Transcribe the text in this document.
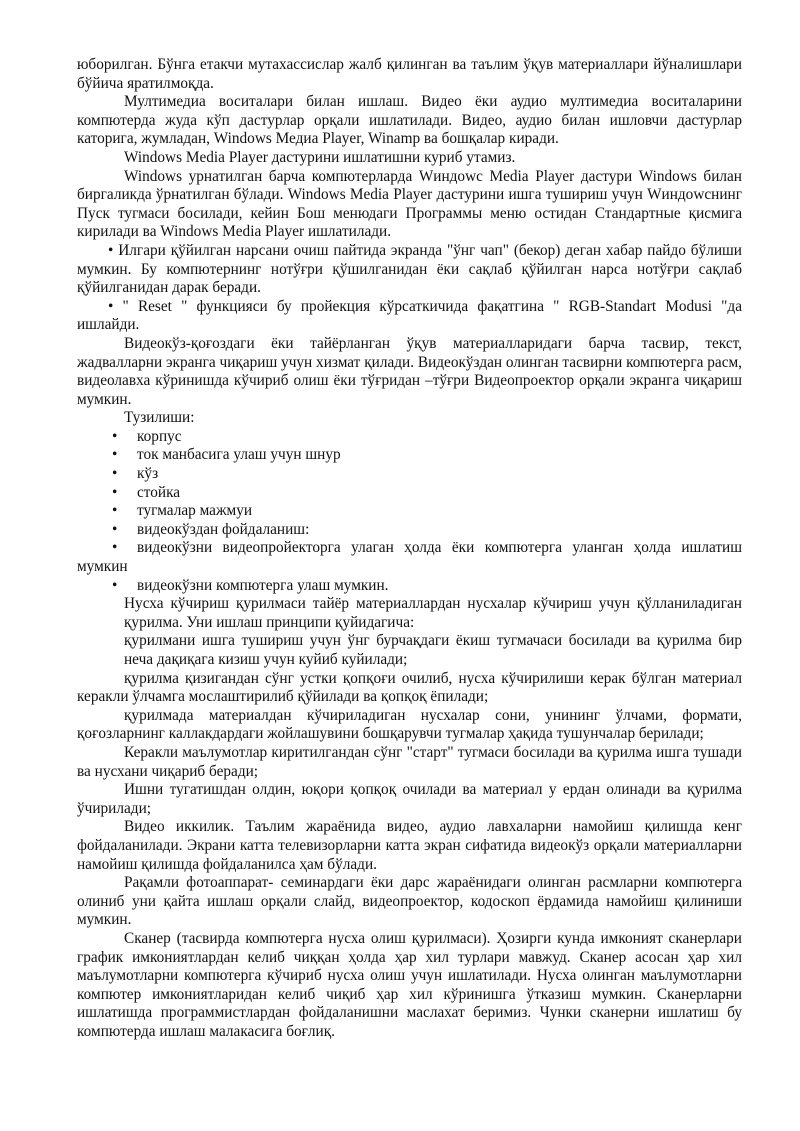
юборилган. Бўнга етакчи мутахассислар жалб қилинган ва таълим ўқув материаллари йўналишлари бўйича яратилмоқда.

Мултимедиа воситалари билан ишлаш. Видео ёки аудио мултимедиа воситаларини компютерда жуда кўп дастурлар орқали ишлатилади. Видео, аудио билан ишловчи дастурлар каторига, жумладан, Windows Медиа Player, Winamp ва бошқалар киради.

Windows Media Player дастурини ишлатишни куриб утамиз.

Windows урнатилган барча компютерларда Wиндоwс Media Player дастури Windows билан биргаликда ўрнатилган бўлади. Windows Media Player дастурини ишга тушириш учун Wиндоwснинг Пуск тугмаси босилади, кейин Бош менюдаги Программы меню остидан Стандартные қисмига кирилади ва Windows Media Player ишлатилади.

• Илгари қўйилган нарсани очиш пайтида экранда "ўнг чап" (бекор) деган хабар пайдо бўлиши мумкин. Бу компютернинг нотўғри қўшилганидан ёки сақлаб қўйилган нарса нотўғри сақлаб қўйилганидан дарак беради.

• " Reset " функцияси бу пройекция кўрсаткичида фақатгина " RGB-Standart Modusi "да ишлайди.

Видеокўз-қоғоздаги ёки тайёрланган ўқув материалларидаги барча тасвир, текст, жадвалларни экранга чиқариш учун хизмат қилади. Видеокўздан олинган тасвирни компютерга расм, видеолавха кўринишда кўчириб олиш ёки тўғридан –тўғри Видеопроектор орқали экранга чиқариш мумкин.

Тузилиши:

• корпус
• ток манбасига улаш учун шнур
• кўз
• стойка
• тугмалар мажмуи
• видеокўздан фойдаланиш:

• видеокўзни видеопройекторга улаган ҳолда ёки компютерга уланган ҳолда ишлатиш мумкин

• видеокўзни компютерга улаш мумкин.

Нусха кўчириш қурилмаси тайёр материаллардан нусхалар кўчириш учун қўлланиладиган қурилма. Уни ишлаш принципи қуйидагича:

қурилмани ишга тушириш учун ўнг бурчақдаги ёкиш тугмачаси босилади ва қурилма бир неча дақиқага кизиш учун куйиб куйилади;

қурилма қизигандан сўнг устки қопқоғи очилиб, нусха кўчирилиши керак бўлган материал керакли ўлчамга мослаштирилиб қўйилади ва қопқоқ ёпилади;

қурилмада материалдан кўчириладиган нусхалар сони, унининг ўлчами, формати, қоғозларнинг каллакдардаги жойлашувини бошқарувчи тугмалар ҳақида тушунчалар берилади;

Керакли маълумотлар киритилгандан сўнг "старт" тугмаси босилади ва қурилма ишга тушади ва нусхани чиқариб беради;

Ишни тугатишдан олдин, юқори қопқоқ очилади ва материал у ердан олинади ва қурилма ўчирилади;

Видео иккилик. Таълим жараёнида видео, аудио лавхаларни намойиш қилишда кенг фойдаланилади. Экрани катта телевизорларни катта экран сифатида видеокўз орқали материалларни намойиш қилишда фойдаланилса ҳам бўлади.

Рақамли фотоаппарат- семинардаги ёки дарс жараёнидаги олинган расмларни компютерга олиниб уни қайта ишлаш орқали слайд, видеопроектор, кодоскоп ёрдамида намойиш қилиниши мумкин.

Сканер (тасвирда компютерга нусха олиш қурилмаси). Ҳозирги кунда имконият сканерлари график имкониятлардан келиб чиққан ҳолда ҳар хил турлари мавжуд. Сканер асосан ҳар хил маълумотларни компютерга кўчириб нусха олиш учун ишлатилади. Нусха олинган маълумотларни компютер имкониятларидан келиб чиқиб ҳар хил кўринишга ўтказиш мумкин. Сканерларни ишлатишда программистлардан фойдаланишни маслахат беримиз. Чунки сканерни ишлатиш бу компютерда ишлаш малакасига боғлиқ.
